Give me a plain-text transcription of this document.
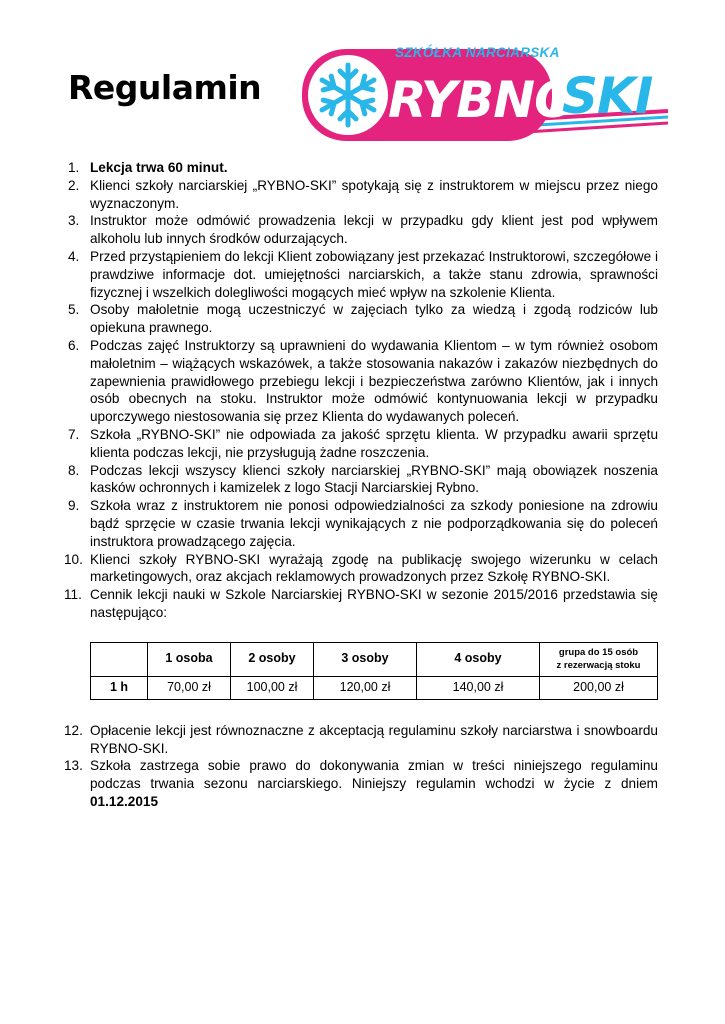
Regulamin
SZKÓŁKA NARCIARSKA
RYBNO
SKI
1. Lekcja trwa 60 minut.
2. Klienci szkoły narciarskiej „RYBNO-SKI” spotykają się z instruktorem w miejscu przez niego wyznaczonym.
3. Instruktor może odmówić prowadzenia lekcji w przypadku gdy klient jest pod wpływem alkoholu lub innych środków odurzających.
4. Przed przystąpieniem do lekcji Klient zobowiązany jest przekazać Instruktorowi, szczegółowe i prawdziwe informacje dot. umiejętności narciarskich, a także stanu zdrowia, sprawności fizycznej i wszelkich dolegliwości mogących mieć wpływ na szkolenie Klienta.
5. Osoby małoletnie mogą uczestniczyć w zajęciach tylko za wiedzą i zgodą rodziców lub opiekuna prawnego.
6. Podczas zajęć Instruktorzy są uprawnieni do wydawania Klientom – w tym również osobom małoletnim – wiążących wskazówek, a także stosowania nakazów i zakazów niezbędnych do zapewnienia prawidłowego przebiegu lekcji i bezpieczeństwa zarówno Klientów, jak i innych osób obecnych na stoku. Instruktor może odmówić kontynuowania lekcji w przypadku uporczywego niestosowania się przez Klienta do wydawanych poleceń.
7. Szkoła „RYBNO-SKI” nie odpowiada za jakość sprzętu klienta. W przypadku awarii sprzętu klienta podczas lekcji, nie przysługują żadne roszczenia.
8. Podczas lekcji wszyscy klienci szkoły narciarskiej „RYBNO-SKI” mają obowiązek noszenia kasków ochronnych i kamizelek z logo Stacji Narciarskiej Rybno.
9. Szkoła wraz z instruktorem nie ponosi odpowiedzialności za szkody poniesione na zdrowiu bądź sprzęcie w czasie trwania lekcji wynikających z nie podporządkowania się do poleceń instruktora prowadzącego zajęcia.
10. Klienci szkoły RYBNO-SKI wyrażają zgodę na publikację swojego wizerunku w celach marketingowych, oraz akcjach reklamowych prowadzonych przez Szkołę RYBNO-SKI.
11. Cennik lekcji nauki w Szkole Narciarskiej RYBNO-SKI w sezonie 2015/2016 przedstawia się następująco:
	1 osoba	2 osoby	3 osoby	4 osoby	grupa do 15 osób
z rezerwacją stoku
1 h	70,00 zł	100,00 zł	120,00 zł	140,00 zł	200,00 zł
12. Opłacenie lekcji jest równoznaczne z akceptacją regulaminu szkoły narciarstwa i snowboardu RYBNO-SKI.
13. Szkoła zastrzega sobie prawo do dokonywania zmian w treści niniejszego regulaminu podczas trwania sezonu narciarskiego. Niniejszy regulamin wchodzi w życie z dniem 01.12.2015
